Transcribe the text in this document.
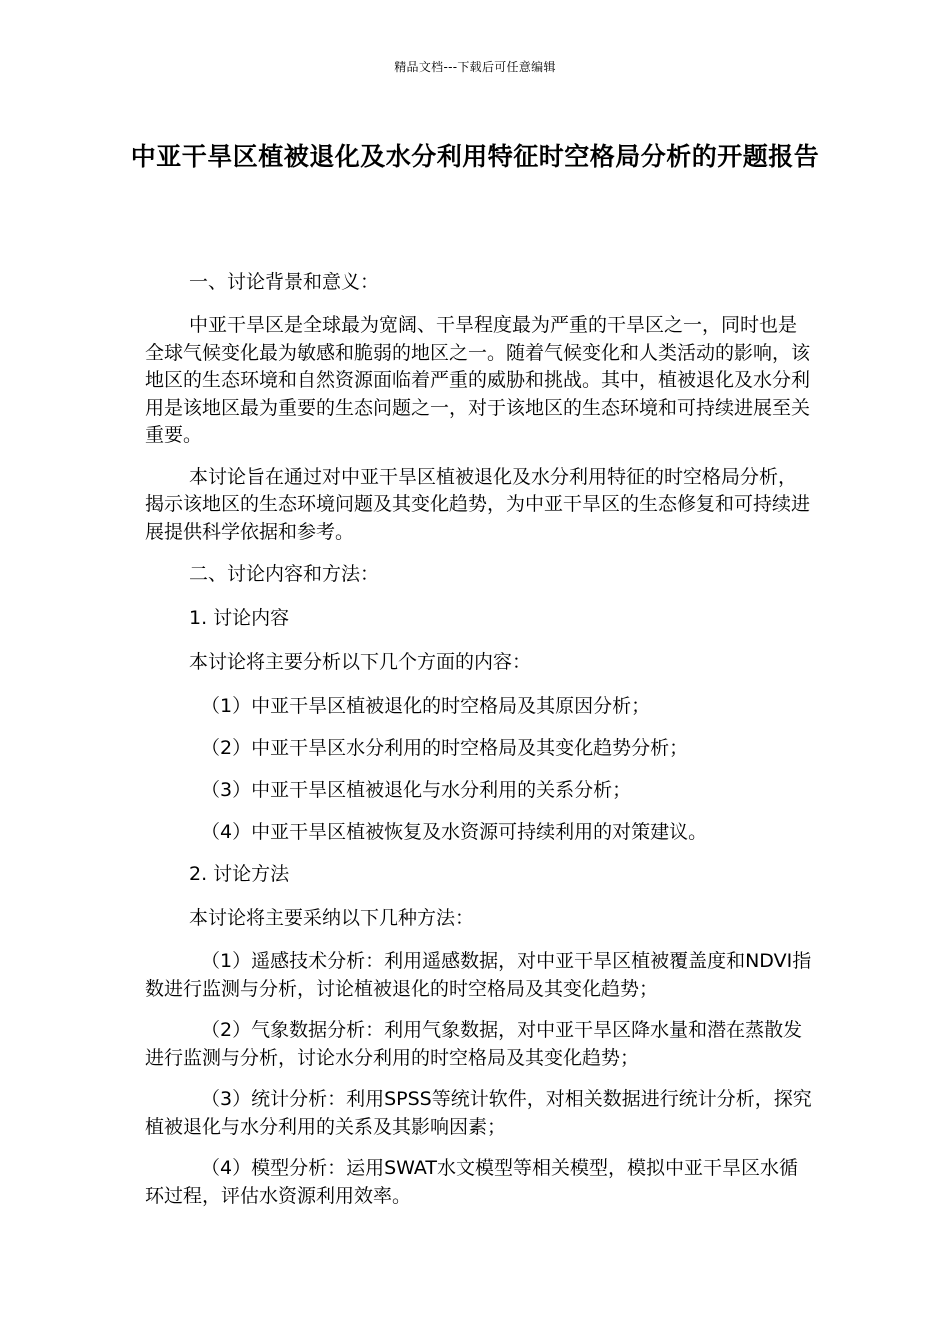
精品文档---下载后可任意编辑
中亚干旱区植被退化及水分利用特征时空格局分析的开题报告

一、讨论背景和意义：

中亚干旱区是全球最为宽阔、干旱程度最为严重的干旱区之一，同时也是全球气候变化最为敏感和脆弱的地区之一。随着气候变化和人类活动的影响，该地区的生态环境和自然资源面临着严重的威胁和挑战。其中，植被退化及水分利用是该地区最为重要的生态问题之一，对于该地区的生态环境和可持续进展至关重要。

本讨论旨在通过对中亚干旱区植被退化及水分利用特征的时空格局分析，揭示该地区的生态环境问题及其变化趋势，为中亚干旱区的生态修复和可持续进展提供科学依据和参考。

二、讨论内容和方法：

1. 讨论内容

本讨论将主要分析以下几个方面的内容：

（1）中亚干旱区植被退化的时空格局及其原因分析；

（2）中亚干旱区水分利用的时空格局及其变化趋势分析；

（3）中亚干旱区植被退化与水分利用的关系分析；

（4）中亚干旱区植被恢复及水资源可持续利用的对策建议。

2. 讨论方法

本讨论将主要采纳以下几种方法：

（1）遥感技术分析：利用遥感数据，对中亚干旱区植被覆盖度和NDVI指数进行监测与分析，讨论植被退化的时空格局及其变化趋势；

（2）气象数据分析：利用气象数据，对中亚干旱区降水量和潜在蒸散发进行监测与分析，讨论水分利用的时空格局及其变化趋势；

（3）统计分析：利用SPSS等统计软件，对相关数据进行统计分析，探究植被退化与水分利用的关系及其影响因素；

（4）模型分析：运用SWAT水文模型等相关模型，模拟中亚干旱区水循环过程，评估水资源利用效率。
